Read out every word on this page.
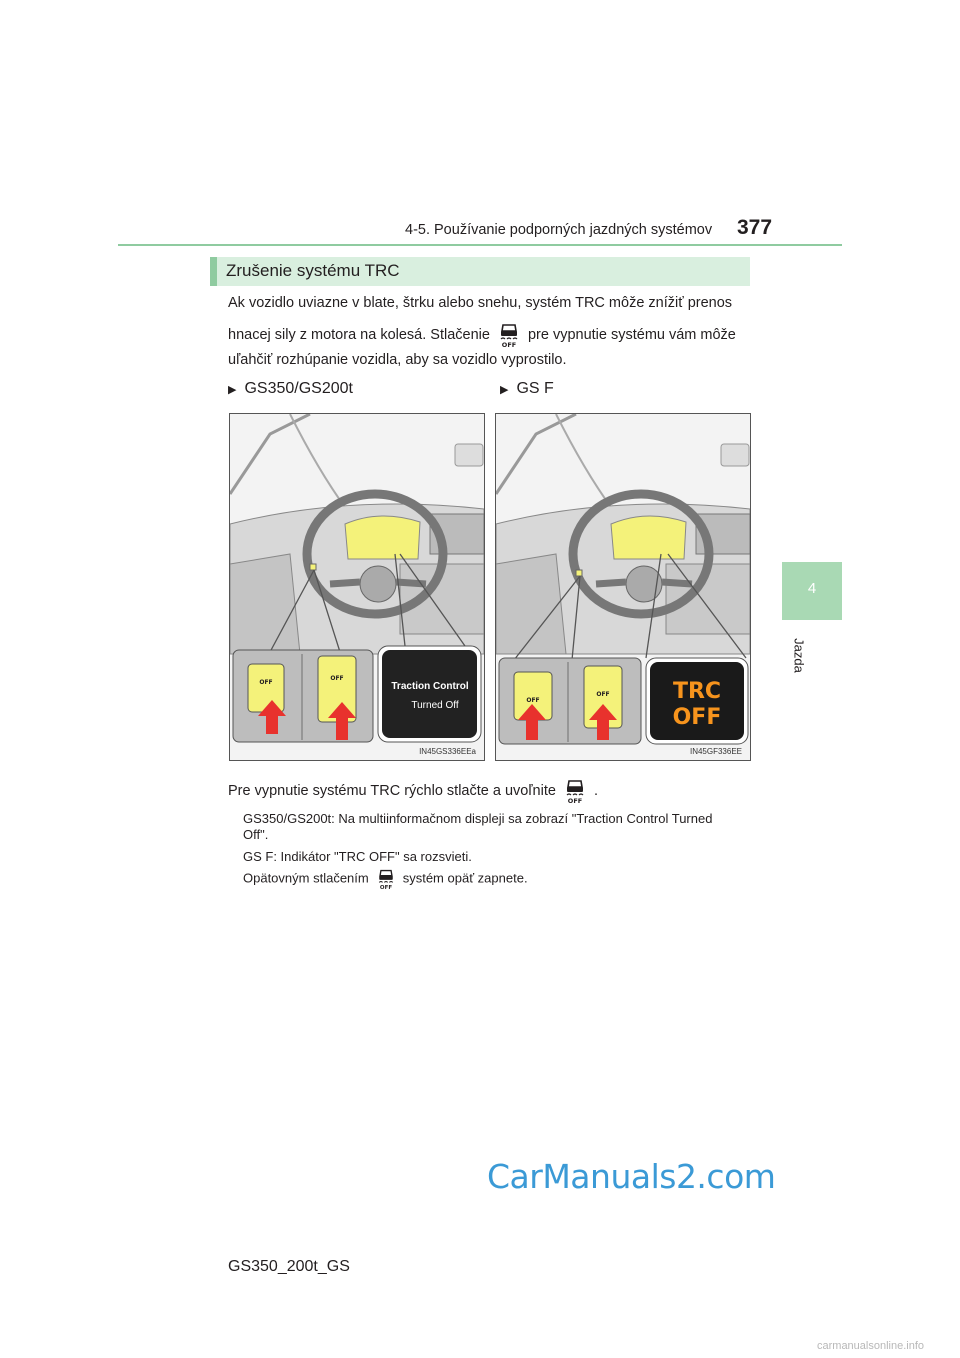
4-5. Používanie podporných jazdných systémov 377
4
Jazda
Zrušenie systému TRC
Ak vozidlo uviazne v blate, štrku alebo snehu, systém TRC môže znížiť prenos
hnacej sily z motora na kolesá. Stlačenie
OFF
pre vypnutie systému vám môže
uľahčiť rozhúpanie vozidla, aby sa vozidlo vyprostilo.
▶ GS350/GS200t	▶ GS F
Traction Control
Turned Off
OFF
OFF
IN45GS336EEa
TRC
OFF
OFF
OFF
IN45GF336EE
Pre vypnutie systému TRC rýchlo stlačte a uvoľnite
OFF
.
GS350/GS200t: Na multiinformačnom displeji sa zobrazí "Traction Control Turned
Off".
GS F: Indikátor "TRC OFF" sa rozsvieti.
Opätovným stlačením
OFF
systém opäť zapnete.
CarManuals2.com
GS350_200t_GS
carmanualsonline.info
